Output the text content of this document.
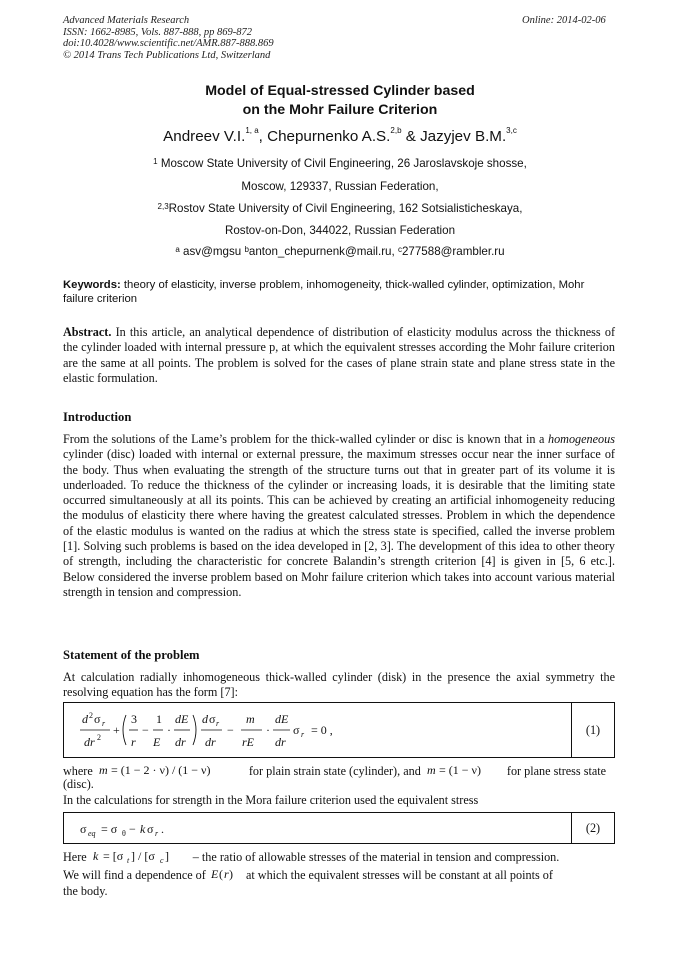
Advanced Materials Research
ISSN: 1662-8985, Vols. 887-888, pp 869-872
doi:10.4028/www.scientific.net/AMR.887-888.869
© 2014 Trans Tech Publications Ltd, Switzerland
Online: 2014-02-06
Model of Equal-stressed Cylinder based
on the Mohr Failure Criterion
Andreev V.I.$^{1, a}$, Chepurnenko A.S.$^{2,b}$ & Jazyjev B.M.$^{3,c}$
$^1$ Moscow State University of Civil Engineering, 26 Jaroslavskoje shosse,
Moscow, 129337, Russian Federation,
$^{2,3}$Rostov State University of Civil Engineering, 162 Sotsialisticheskaya,
Rostov-on-Don, 344022, Russian Federation
$^a$ asv@mgsu $^b$anton_chepurnenk@mail.ru, $^c$277588@rambler.ru
Keywords: theory of elasticity, inverse problem, inhomogeneity, thick-walled cylinder, optimization, Mohr failure criterion
Abstract. In this article, an analytical dependence of distribution of elasticity modulus across the thickness of the cylinder loaded with internal pressure p, at which the equivalent stresses according the Mohr failure criterion are the same at all points. The problem is solved for the cases of plane strain state and plane stress state in the elastic formulation.
Introduction
From the solutions of the Lame’s problem for the thick-walled cylinder or disc is known that in a homogeneous cylinder (disc) loaded with internal or external pressure, the maximum stresses occur near the inner surface of the body. Thus when evaluating the strength of the structure turns out that in greater part of its volume it is underloaded. To reduce the thickness of the cylinder or increasing loads, it is desirable that the limiting state occurred simultaneously at all its points. This can be achieved by creating an artificial inhomogeneity reducing the modulus of elasticity there where having the greatest calculated stresses. Problem in which the dependence of the elastic modulus is wanted on the radius at which the stress state is specified, called the inverse problem [1]. Solving such problems is based on the idea developed in [2, 3]. The development of this idea to other theory of strength, including the characteristic for concrete Balandin’s strength criterion [4] is given in [5, 6 etc.]. Below considered the inverse problem based on Mohr failure criterion which takes into account various material strength in tension and compression.
Statement of the problem
At calculation radially inhomogeneous thick-walled cylinder (disk) in the presence the axial symmetry the resolving equation has the form [7]:
d 2 σ r
dr 2
+
3
r
−
1
E
·
dE
dr
d σ r
dr
−
m
rE
·
dE
dr
σ r = 0 ,	(1)
where m = (1 − 2 · ν) / (1 − ν)	for plain strain state (cylinder), and m = (1 − ν) for plane stress state
(disc).
In the calculations for strength in the Mora failure criterion used the equivalent stress
σ eq = σ θ − k σ r .	(2)
Here k = [σ t ] / [σ c ] – the ratio of allowable stresses of the material in tension and compression.
We will find a dependence of E ( r ) at which the equivalent stresses will be constant at all points of
the body.
